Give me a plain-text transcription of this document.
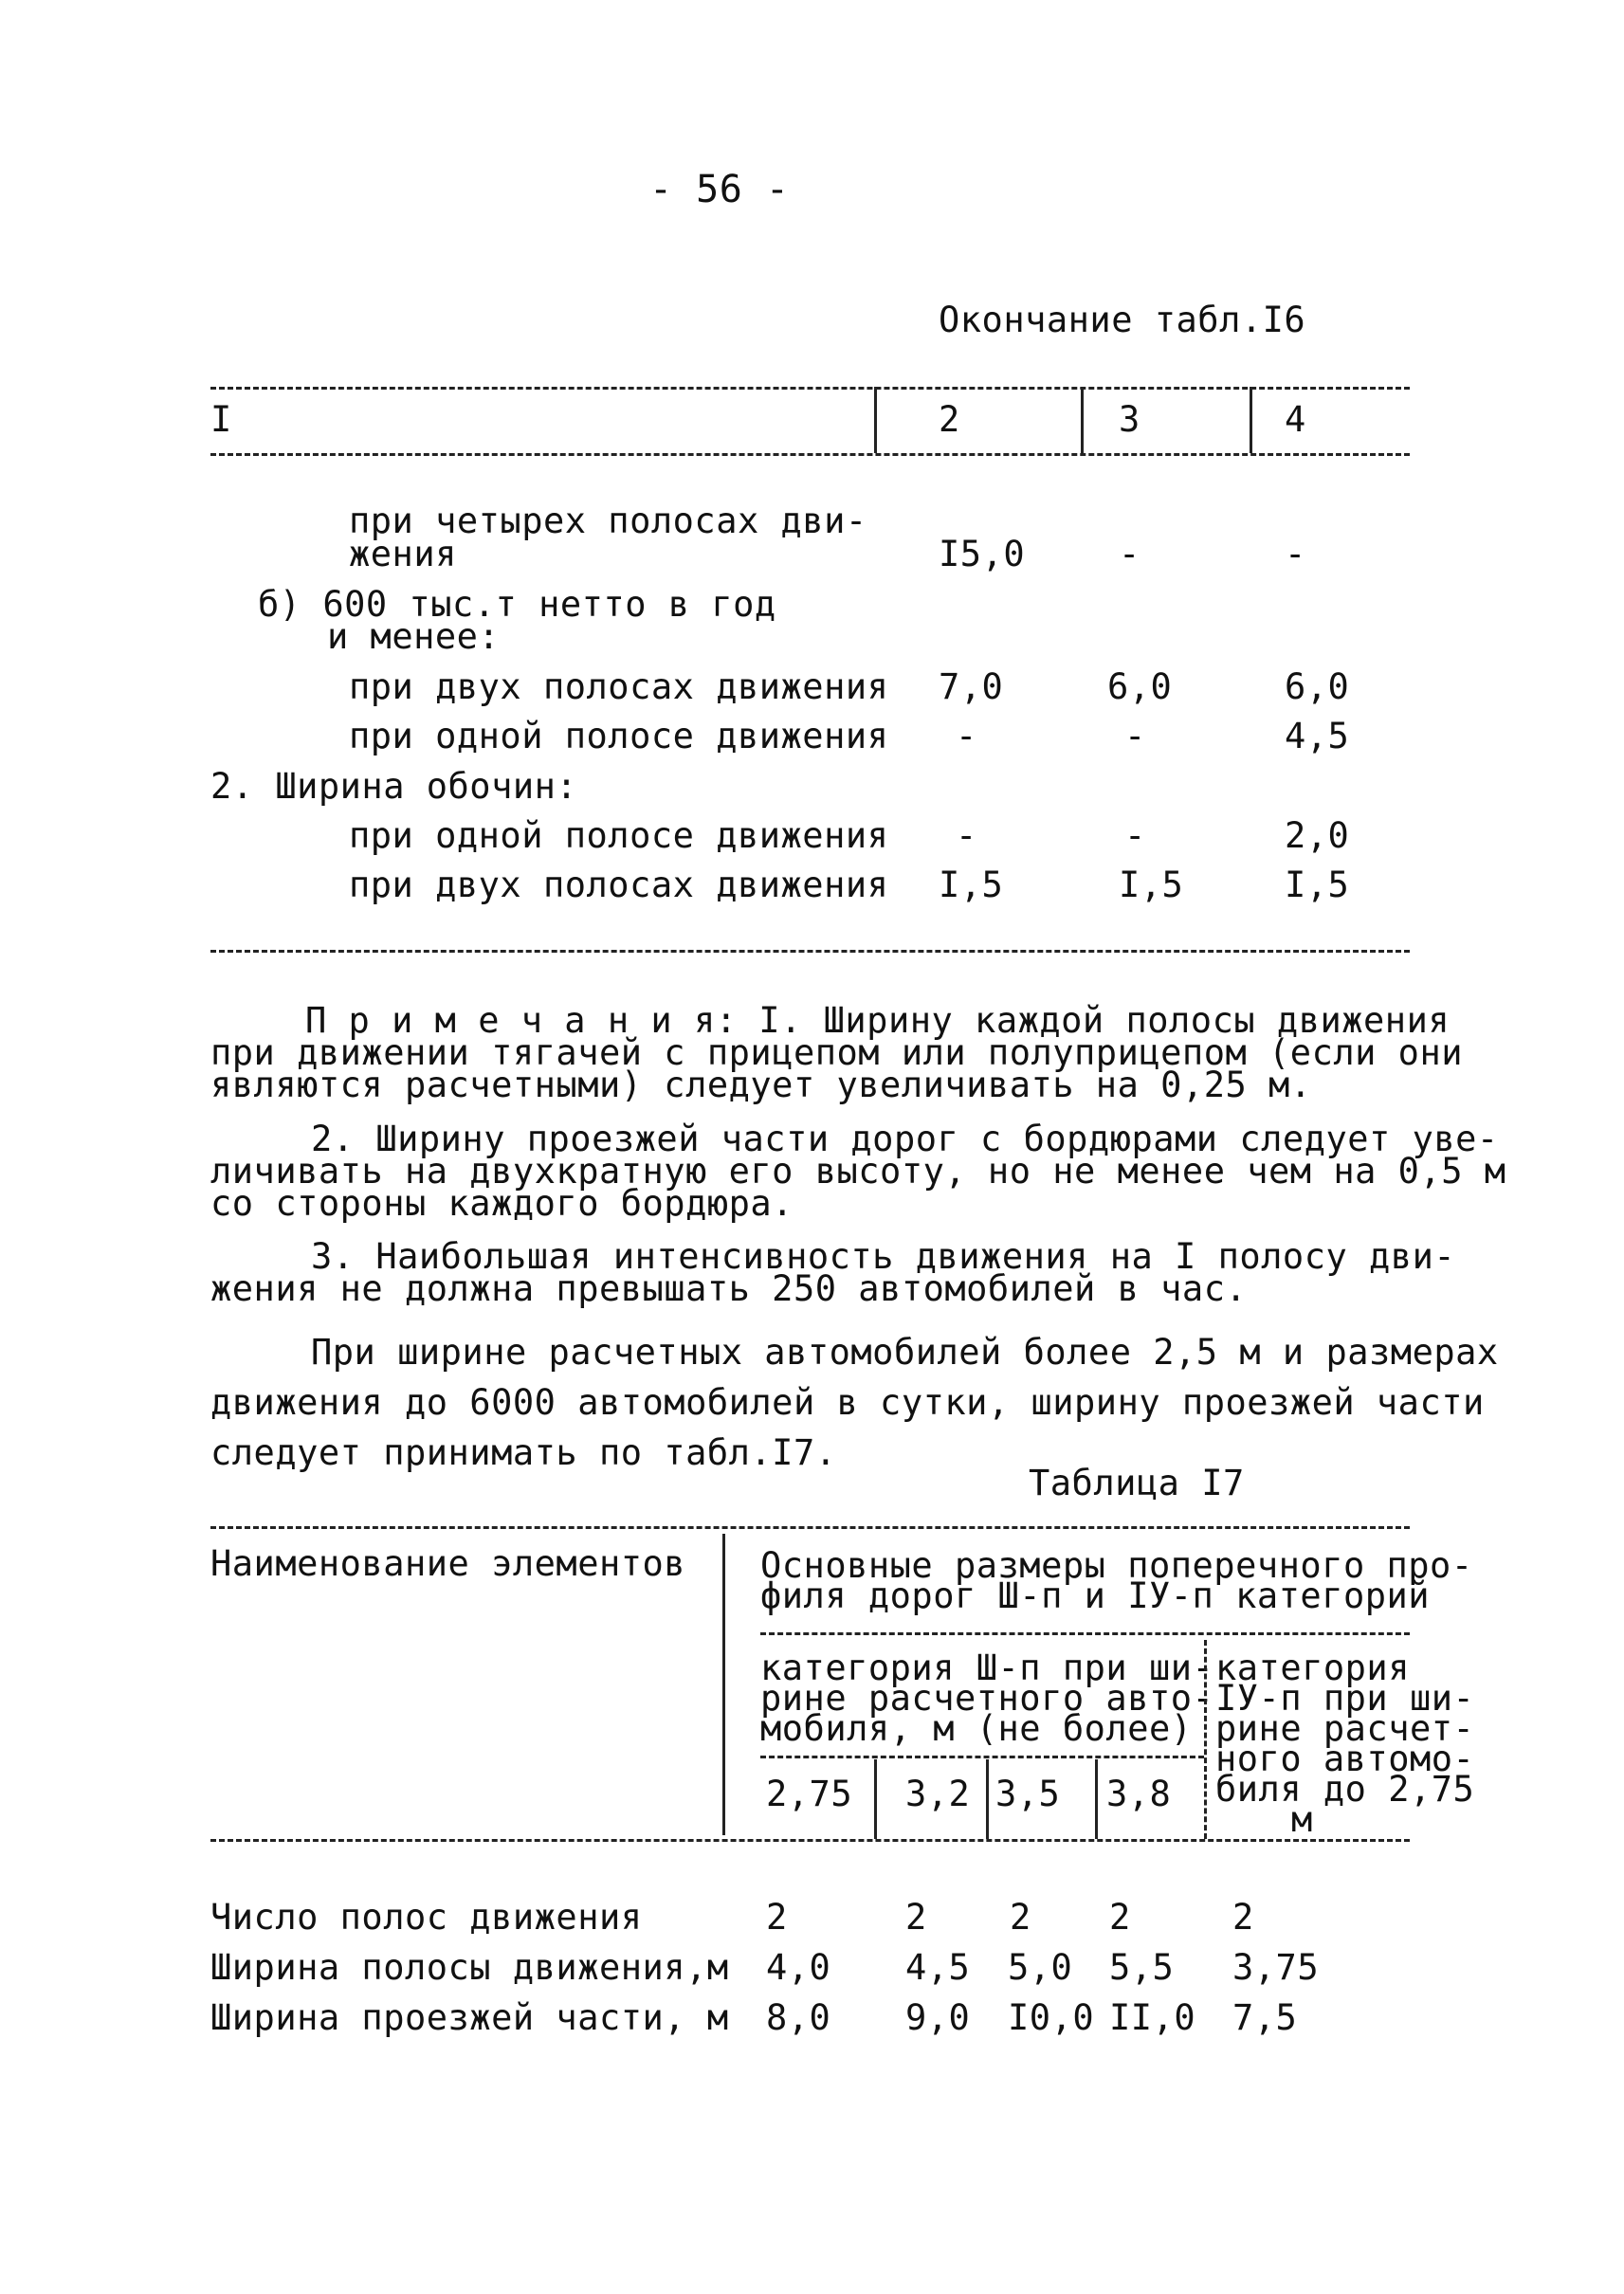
- 56 -
Окончание табл.I6
I	2	3	4
при четырех полосах дви-
жения	I5,0	-	-
б) 600 тыс.т нетто в год
и менее:
при двух полосах движения 7,0	6,0	6,0
при одной полосе движения -	-	4,5
2. Ширина обочин:
при одной полосе движения -	-	2,0
при двух полосах движения I,5	I,5	I,5
П р и м е ч а н и я: I. Ширину каждой полосы движения
при движении тягачей с прицепом или полуприцепом (если они
являются расчетными) следует увеличивать на 0,25 м.
2. Ширину проезжей части дорог с бордюрами следует уве-
личивать на двухкратную его высоту, но не менее чем на 0,5 м
со стороны каждого бордюра.
3. Наибольшая интенсивность движения на I полосу дви-
жения не должна превышать 250 автомобилей в час.
При ширине расчетных автомобилей более 2,5 м и размерах
движения до 6000 автомобилей в сутки, ширину проезжей части
следует принимать по табл.I7.
Таблица I7
Наименование элементов Основные размеры поперечного про-
филя дорог Ш-п и IУ-п категорий
категория Ш-п при ши-
рине расчетного авто-
мобиля, м (не более)
категория
IУ-п при ши-
рине расчет-
ного автомо-
биля до 2,75
м
2,75 3,2 3,5 3,8
Число полос движения	2	2 2 2	2
Ширина полосы движения,м 4,0 4,5 5,0 5,5 3,75
Ширина проезжей части, м 8,0 9,0 I0,0 II,0 7,5
